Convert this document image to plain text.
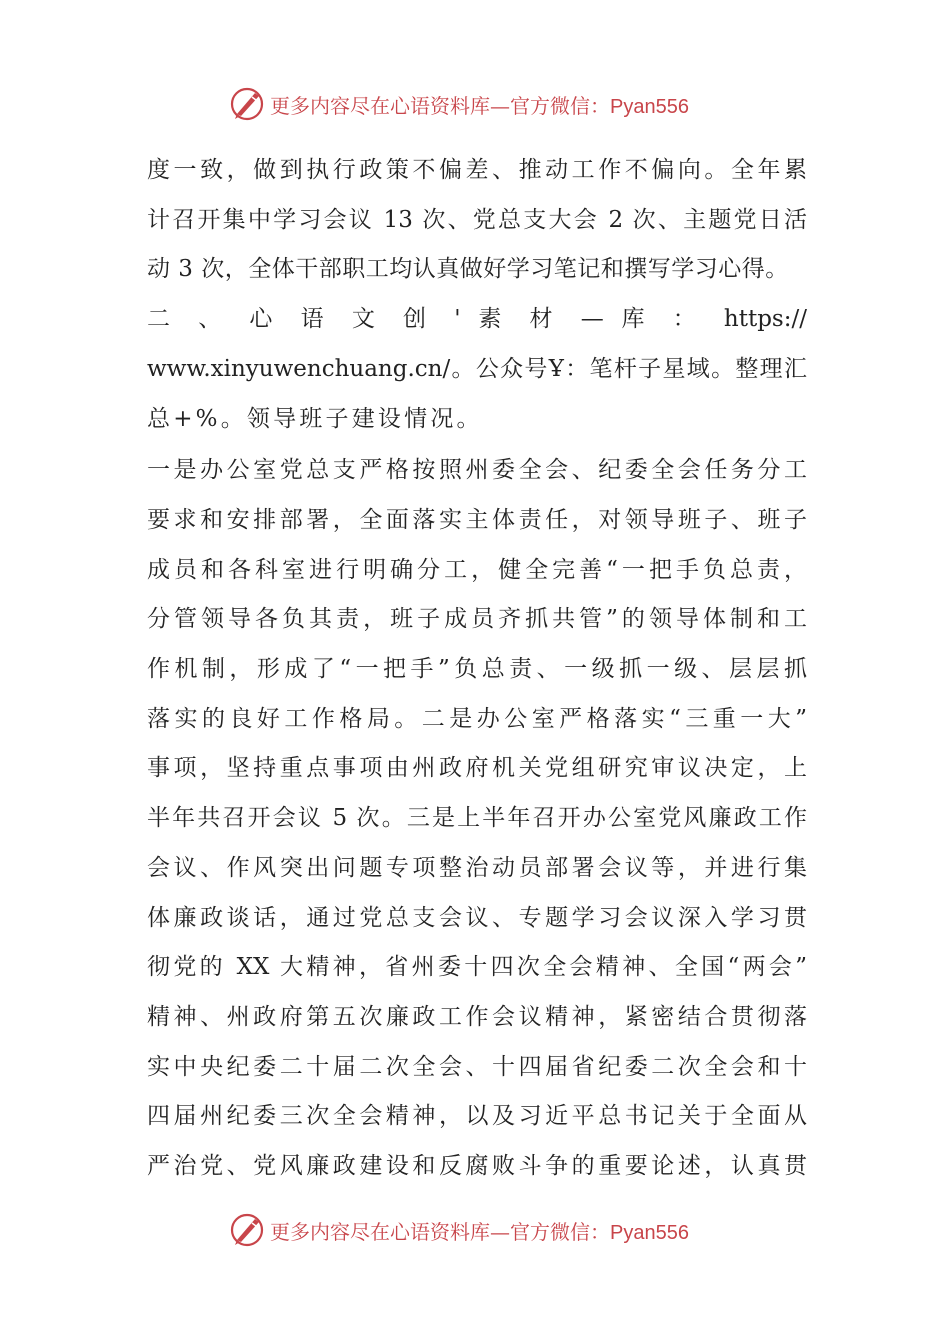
更多内容尽在心语资料库—官方微信：Pyan556

度一致，做到执行政策不偏差、推动工作不偏向。全年累
计召开集中学习会议 13 次、党总支大会 2 次、主题党日活
动 3 次，全体干部职工均认真做好学习笔记和撰写学习心得。
二 、 心 语 文 创 ' 素 材 — 库 ： https://
www.xinyuwenchuang.cn/。公众号Ұ：笔杆子星域。整理汇
总+%。领导班子建设情况。

一是办公室党总支严格按照州委全会、纪委全会任务分工
要求和安排部署，全面落实主体责任，对领导班子、班子
成员和各科室进行明确分工，健全完善“一把手负总责，
分管领导各负其责，班子成员齐抓共管”的领导体制和工
作机制，形成了“一把手”负总责、一级抓一级、层层抓
落实的良好工作格局。二是办公室严格落实“三重一大”
事项，坚持重点事项由州政府机关党组研究审议决定，上
半年共召开会议 5 次。三是上半年召开办公室党风廉政工作
会议、作风突出问题专项整治动员部署会议等，并进行集
体廉政谈话，通过党总支会议、专题学习会议深入学习贯
彻党的 XX 大精神，省州委十四次全会精神、全国“两会”
精神、州政府第五次廉政工作会议精神，紧密结合贯彻落
实中央纪委二十届二次全会、十四届省纪委二次全会和十
四届州纪委三次全会精神，以及习近平总书记关于全面从
严治党、党风廉政建设和反腐败斗争的重要论述，认真贯

更多内容尽在心语资料库—官方微信：Pyan556
